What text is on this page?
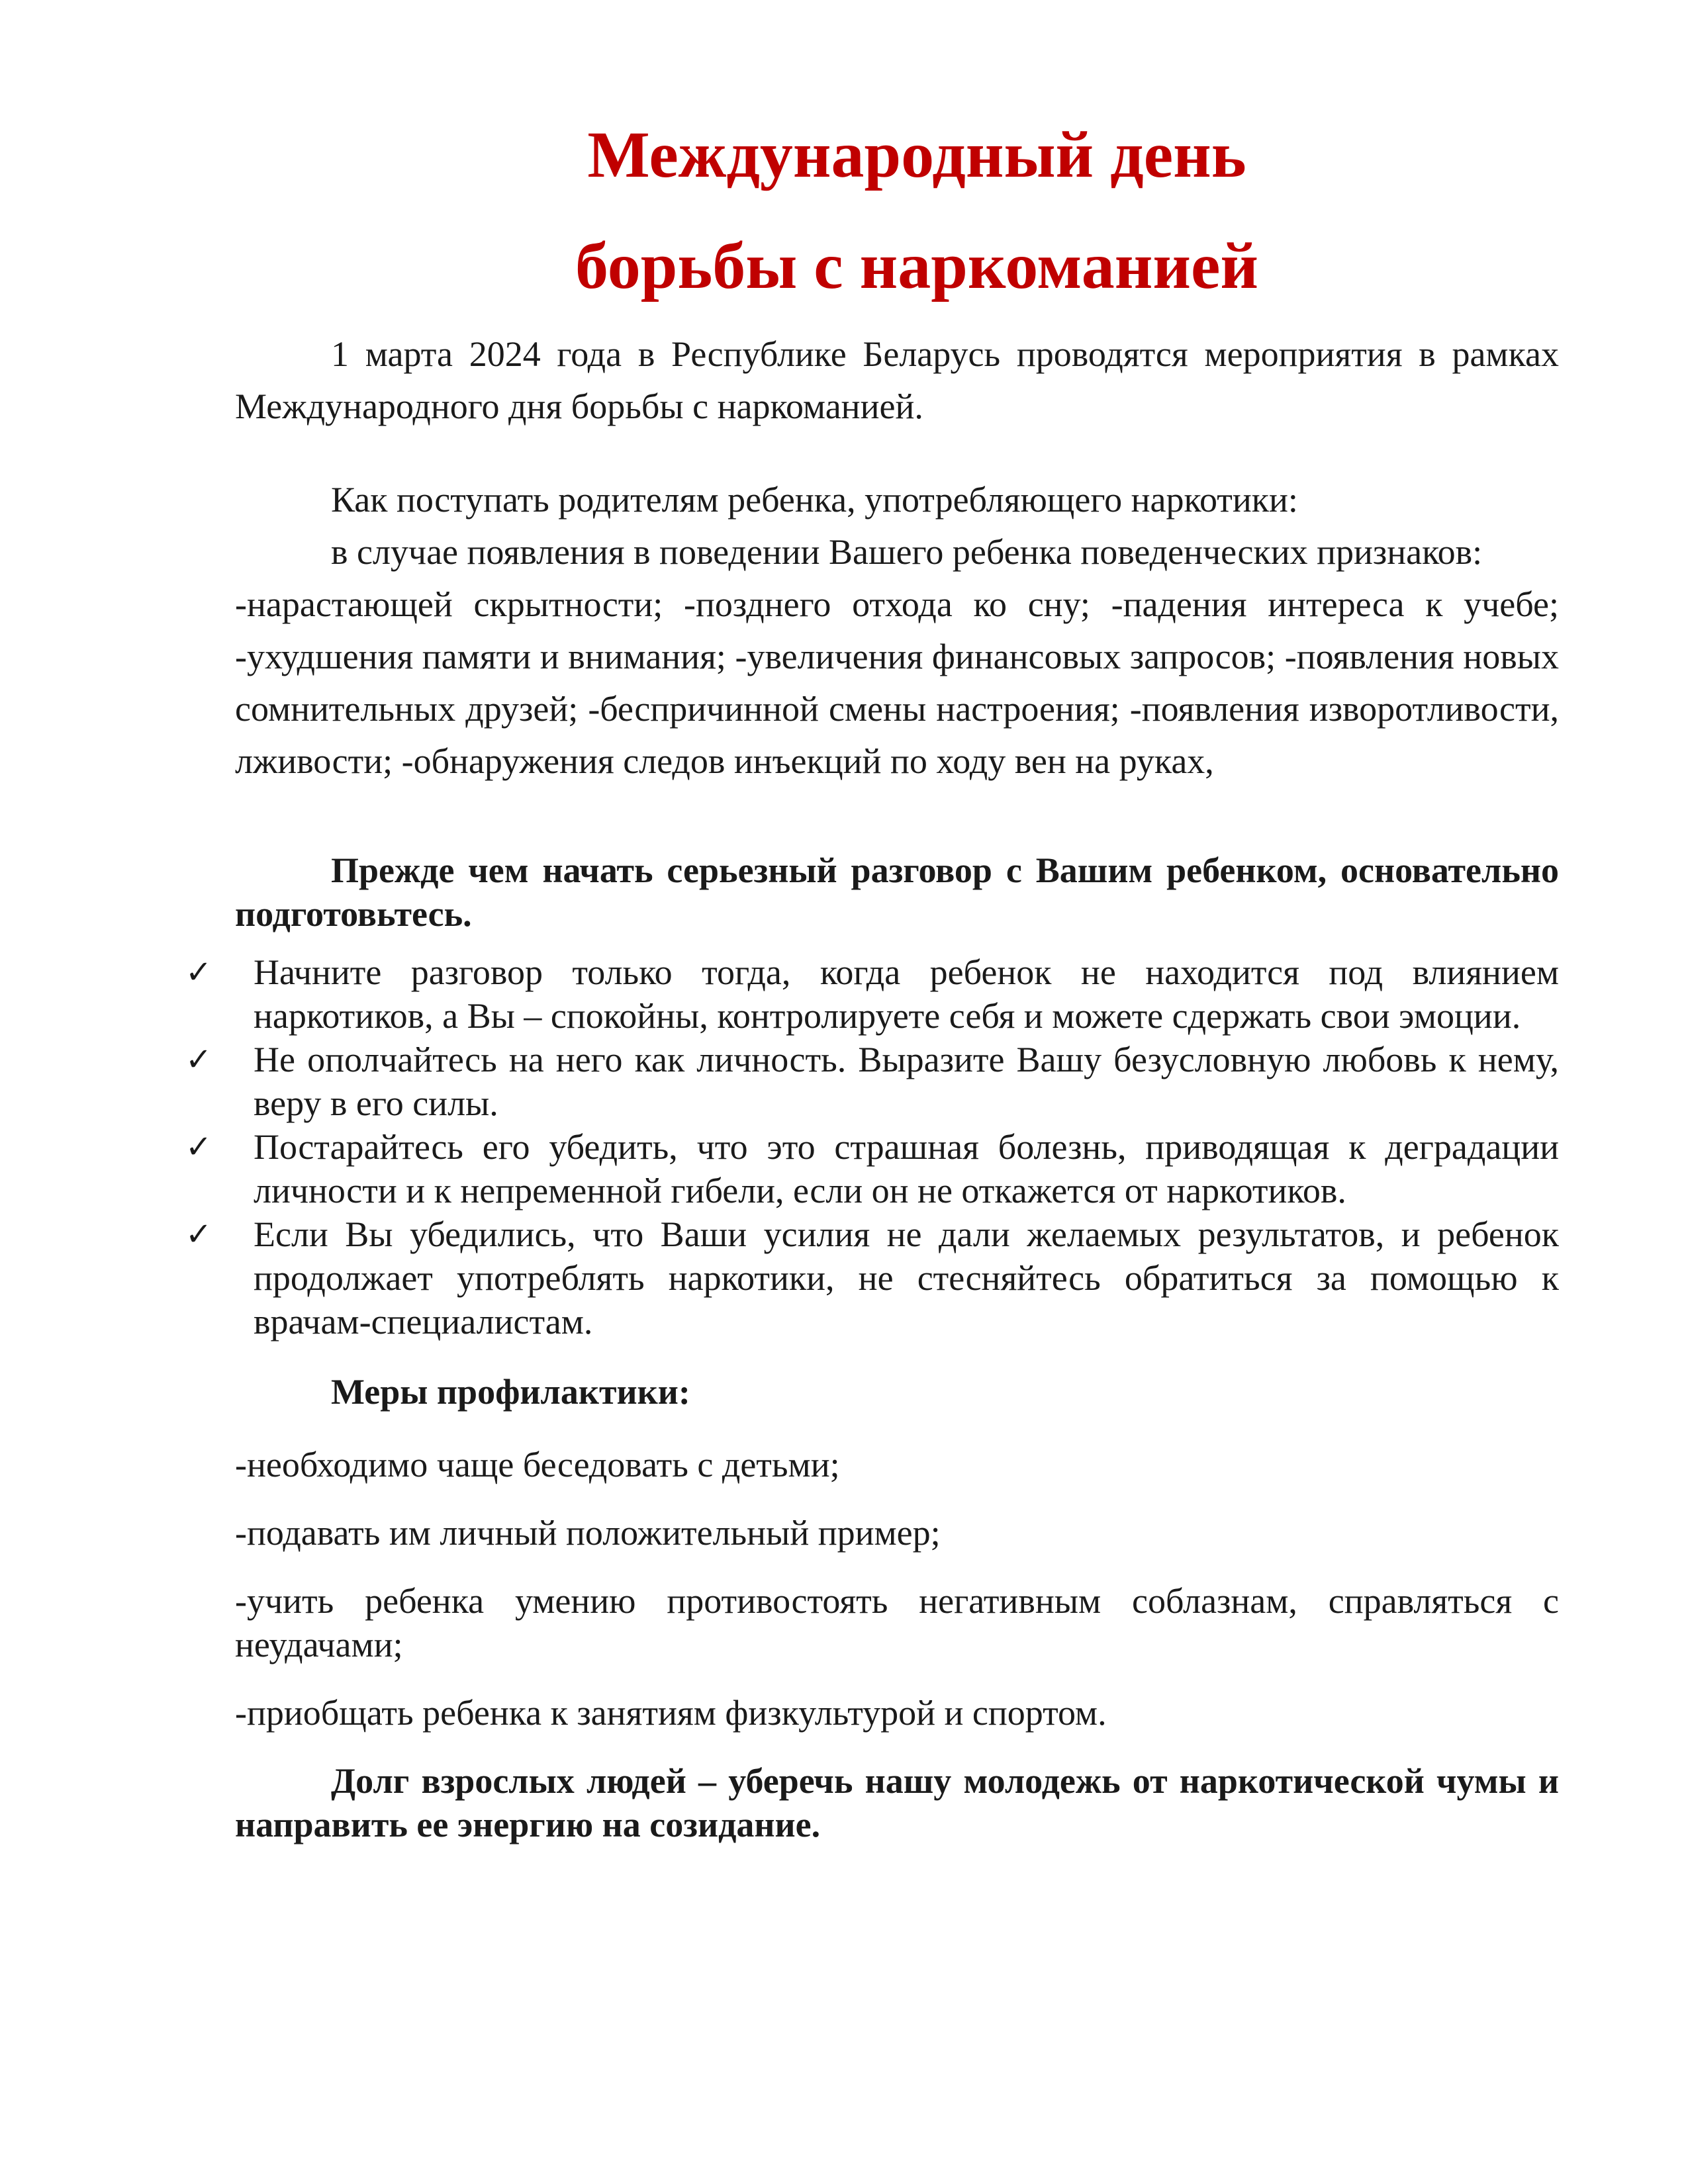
Международный день
борьбы с наркоманией

1 марта 2024 года в Республике Беларусь проводятся мероприятия в рамках Международного дня борьбы с наркоманией.

Как поступать родителям ребенка, употребляющего наркотики:

в случае появления в поведении Вашего ребенка поведенческих признаков:

-нарастающей скрытности; -позднего отхода ко сну; -падения интереса к учебе; -ухудшения памяти и внимания; -увеличения финансовых запросов; -появления новых сомнительных друзей; -беспричинной смены настроения; -появления изворотливости, лживости; -обнаружения следов инъекций по ходу вен на руках,

Прежде чем начать серьезный разговор с Вашим ребенком, основательно подготовьтесь.

✓	Начните разговор только тогда, когда ребенок не находится под влиянием наркотиков, а Вы – спокойны, контролируете себя и можете сдержать свои эмоции.
✓	Не ополчайтесь на него как личность. Выразите Вашу безусловную любовь к нему, веру в его силы.
✓	Постарайтесь его убедить, что это страшная болезнь, приводящая к деградации личности и к непременной гибели, если он не откажется от наркотиков.
✓	Если Вы убедились, что Ваши усилия не дали желаемых результатов, и ребенок продолжает употреблять наркотики, не стесняйтесь обратиться за помощью к врачам-специалистам.

Меры профилактики:

-необходимо чаще беседовать с детьми;

-подавать им личный положительный пример;

-учить ребенка умению противостоять негативным соблазнам, справляться с неудачами;

-приобщать ребенка к занятиям физкультурой и спортом.

Долг взрослых людей – уберечь нашу молодежь от наркотической чумы и направить ее энергию на созидание.
